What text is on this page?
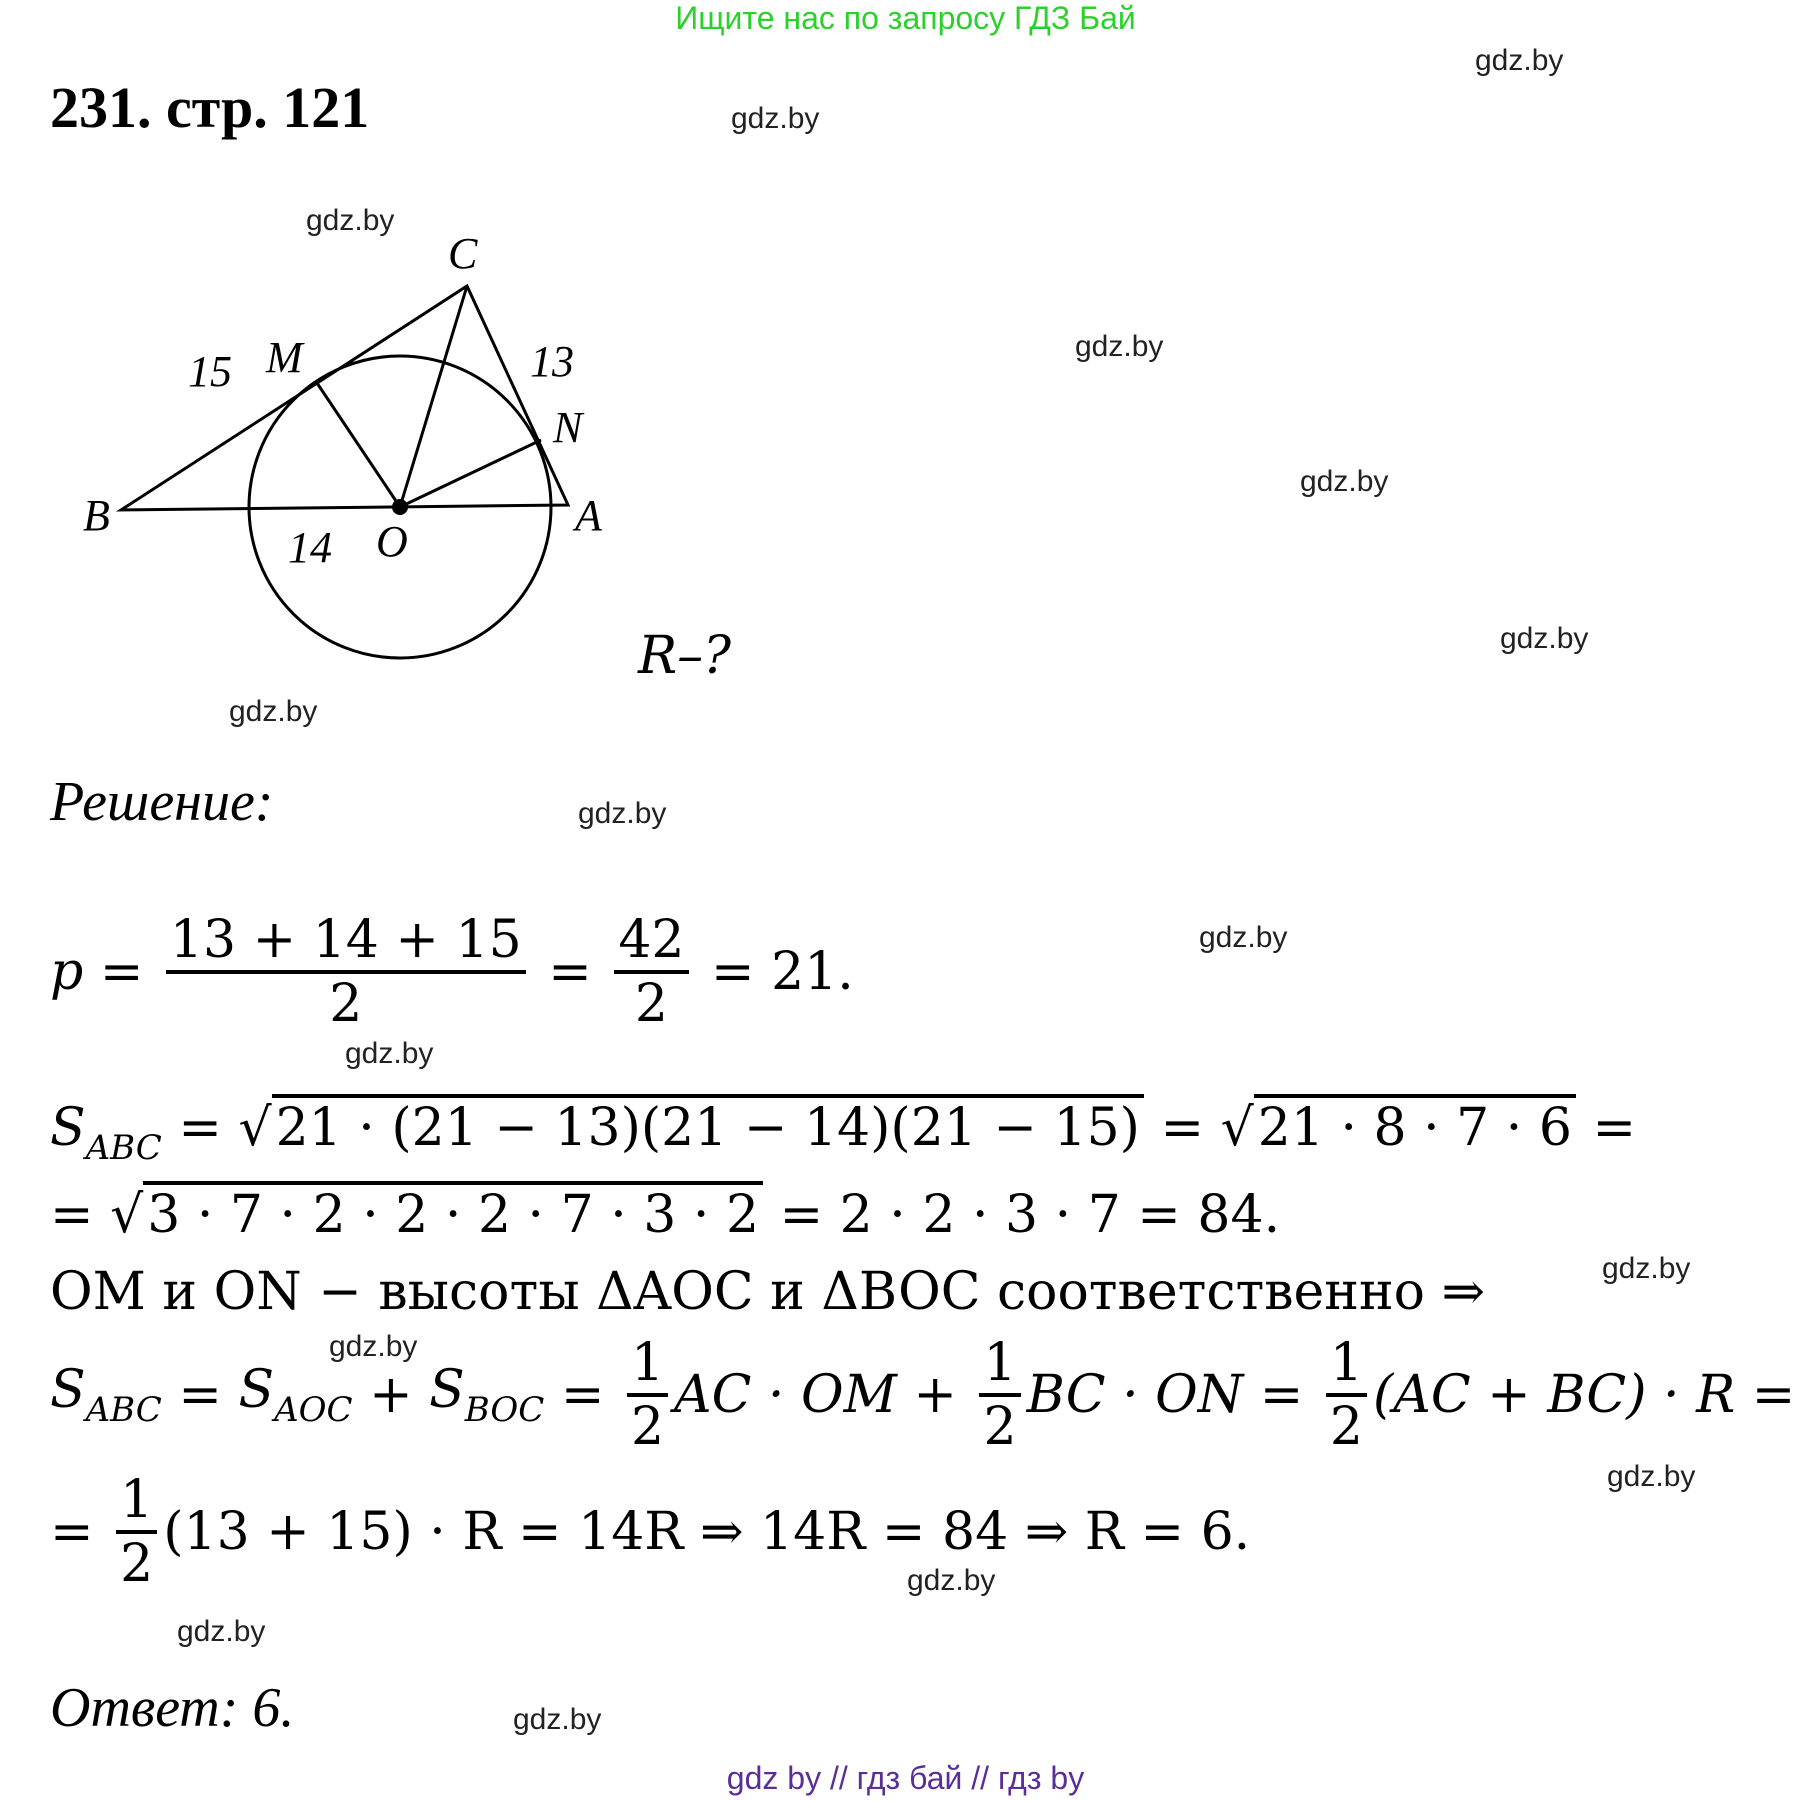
Ищите нас по запросу ГДЗ Бай
gdz.by
gdz.by
gdz.by
gdz.by
gdz.by
gdz.by
gdz.by
gdz.by
gdz.by
gdz.by
gdz.by
gdz.by
gdz.by
gdz.by
gdz.by
gdz.by
231. стр. 121
C
M
N
B	A
O
15	13
14
R–?
Решение:
$p = \frac{13 + 14 + 15}{2} = \frac{42}{2} = 21$.
$S_{ABC} = √21 \cdot (21 - 13)(21 - 14)(21 - 15) = √21 \cdot 8 \cdot 7 \cdot 6$ =
= √3 · 7 · 2 · 2 · 2 · 7 · 3 · 2 = 2 · 2 · 3 · 7 = 84.
OM и ON − высоты ΔAOC и ΔBOC соответственно ⇒
$S_{ABC} = S_{AOC} + S_{BOC} = \frac{1}{2}$ AC · OM + $\frac{1}{2}$ BC · ON = $\frac{1}{2} (AC + BC) \cdot R$ =
= $\frac{1}{2} (13 + 15) \cdot R = 14R$ ⇒ 14R = 84 ⇒ R = 6.
Ответ: 6.
gdz by // гдз бай // гдз by
